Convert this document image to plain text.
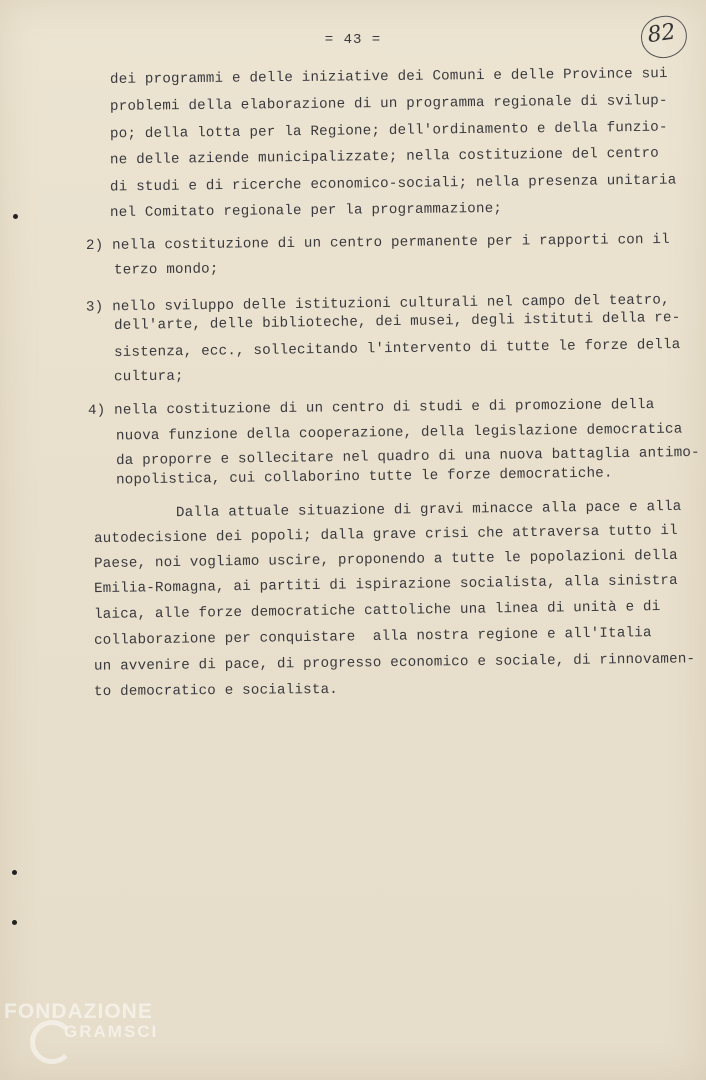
= 43 =	82
dei programmi e delle iniziative dei Comuni e delle Province sui
problemi della elaborazione di un programma regionale di svilup-
po; della lotta per la Regione; dell'ordinamento e della funzio-
ne delle aziende municipalizzate; nella costituzione del centro
di studi e di ricerche economico-sociali; nella presenza unitaria
nel Comitato regionale per la programmazione;
2) nella costituzione di un centro permanente per i rapporti con il
terzo mondo;
3) nello sviluppo delle istituzioni culturali nel campo del teatro,
dell'arte, delle biblioteche, dei musei, degli istituti della re-
sistenza, ecc., sollecitando l'intervento di tutte le forze della
cultura;
4) nella costituzione di un centro di studi e di promozione della
nuova funzione della cooperazione, della legislazione democratica
da proporre e sollecitare nel quadro di una nuova battaglia antimo-
nopolistica, cui collaborino tutte le forze democratiche.
Dalla attuale situazione di gravi minacce alla pace e alla
autodecisione dei popoli; dalla grave crisi che attraversa tutto il
Paese, noi vogliamo uscire, proponendo a tutte le popolazioni della
Emilia-Romagna, ai partiti di ispirazione socialista, alla sinistra
laica, alle forze democratiche cattoliche una linea di unità e di
collaborazione per conquistare  alla nostra regione e all'Italia
un avvenire di pace, di progresso economico e sociale, di rinnovamen-
to democratico e socialista.
FONDAZIONE
GRAMSCI
